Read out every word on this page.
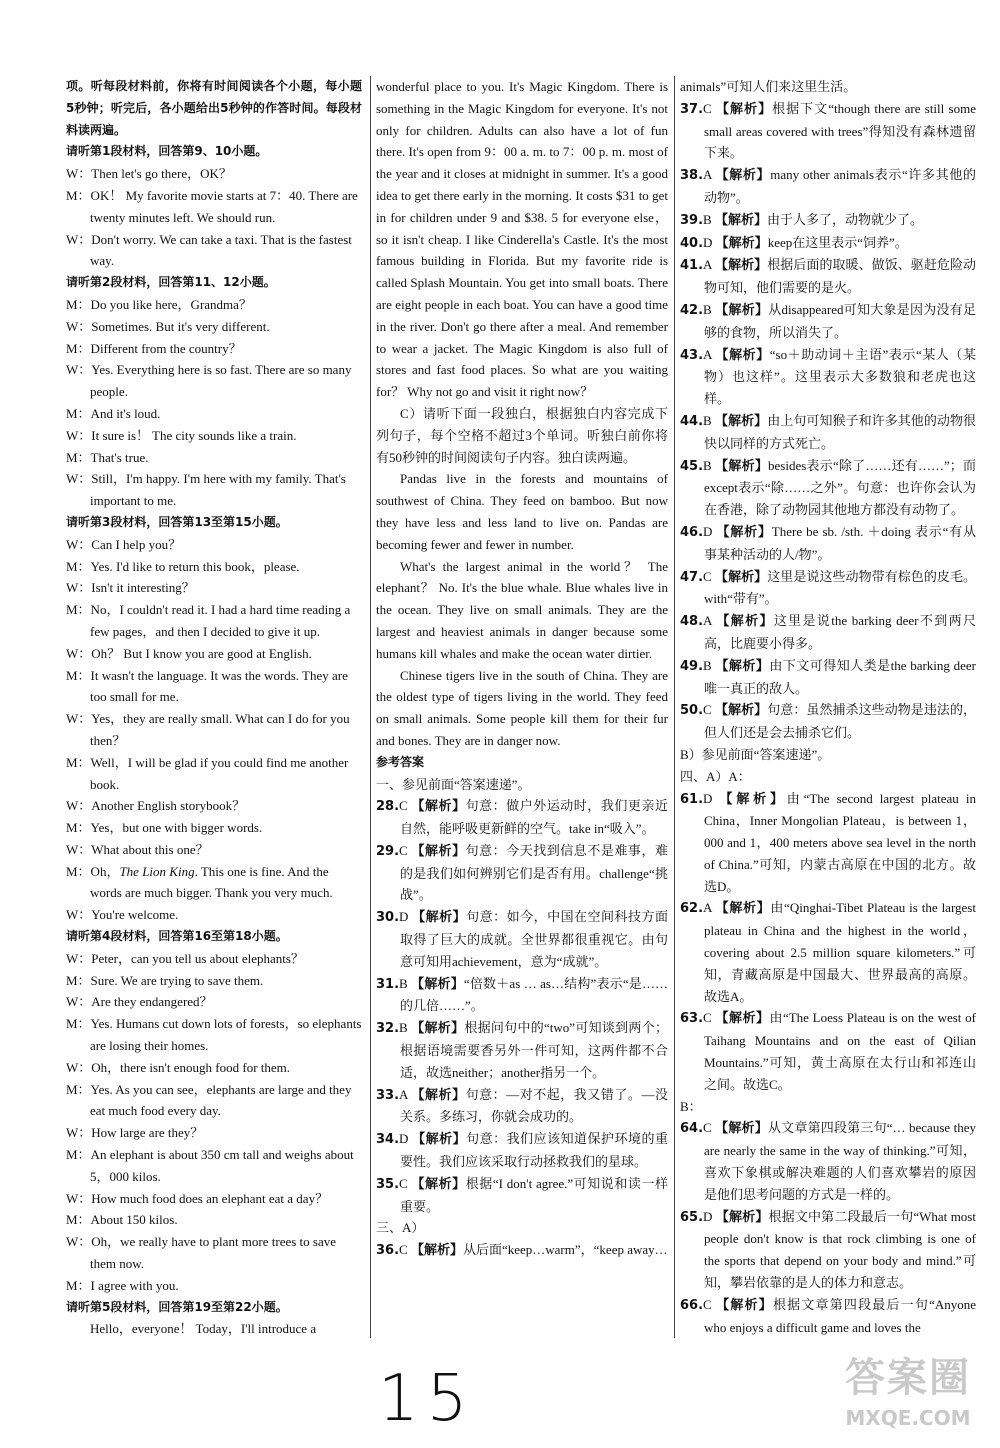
项。听每段材料前，你将有时间阅读各个小题，每小题5秒钟；听完后，各小题给出5秒钟的作答时间。每段材料读两遍。

请听第1段材料，回答第9、10小题。

W：Then let's go there，OK？

M：OK！ My favorite movie starts at 7：40. There are twenty minutes left. We should run.

W：Don't worry. We can take a taxi. That is the fastest way.

请听第2段材料，回答第11、12小题。

M：Do you like here，Grandma？

W：Sometimes. But it's very different.

M：Different from the country？

W：Yes. Everything here is so fast. There are so many people.

M：And it's loud.

W：It sure is！ The city sounds like a train.

M：That's true.

W：Still，I'm happy. I'm here with my family. That's important to me.

请听第3段材料，回答第13至第15小题。

W：Can I help you？

M：Yes. I'd like to return this book，please.

W：Isn't it interesting？

M：No，I couldn't read it. I had a hard time reading a few pages，and then I decided to give it up.

W：Oh？ But I know you are good at English.

M：It wasn't the language. It was the words. They are too small for me.

W：Yes，they are really small. What can I do for you then？

M：Well，I will be glad if you could find me another book.

W：Another English storybook？

M：Yes，but one with bigger words.

W：What about this one？

M：Oh，The Lion King. This one is fine. And the words are much bigger. Thank you very much.

W：You're welcome.

请听第4段材料，回答第16至第18小题。

W：Peter，can you tell us about elephants？

M：Sure. We are trying to save them.

W：Are they endangered？

M：Yes. Humans cut down lots of forests，so elephants are losing their homes.

W：Oh，there isn't enough food for them.

M：Yes. As you can see，elephants are large and they eat much food every day.

W：How large are they？

M：An elephant is about 350 cm tall and weighs about 5，000 kilos.

W：How much food does an elephant eat a day？

M：About 150 kilos.

W：Oh，we really have to plant more trees to save them now.

M：I agree with you.

请听第5段材料，回答第19至第22小题。

Hello，everyone！ Today，I'll introduce a

wonderful place to you. It's Magic Kingdom. There is something in the Magic Kingdom for everyone. It's not only for children. Adults can also have a lot of fun there. It's open from 9：00 a. m. to 7：00 p. m. most of the year and it closes at midnight in summer. It's a good idea to get there early in the morning. It costs $31 to get in for children under 9 and $38. 5 for everyone else，so it isn't cheap. I like Cinderella's Castle. It's the most famous building in Florida. But my favorite ride is called Splash Mountain. You get into small boats. There are eight people in each boat. You can have a good time in the river. Don't go there after a meal. And remember to wear a jacket. The Magic Kingdom is also full of stores and fast food places. So what are you waiting for？ Why not go and visit it right now？

C）请听下面一段独白，根据独白内容完成下列句子，每个空格不超过3个单词。听独白前你将有50秒钟的时间阅读句子内容。独白读两遍。

Pandas live in the forests and mountains of southwest of China. They feed on bamboo. But now they have less and less land to live on. Pandas are becoming fewer and fewer in number.

What's the largest animal in the world？ The elephant？ No. It's the blue whale. Blue whales live in the ocean. They live on small animals. They are the largest and heaviest animals in danger because some humans kill whales and make the ocean water dirtier.

Chinese tigers live in the south of China. They are the oldest type of tigers living in the world. They feed on small animals. Some people kill them for their fur and bones. They are in danger now.

参考答案

一、参见前面“答案速递”。

28.C 【解析】句意：做户外运动时，我们更亲近自然，能呼吸更新鲜的空气。take in“吸入”。

29.C 【解析】句意：今天找到信息不是难事，难的是我们如何辨别它们是否有用。challenge“挑战”。

30.D 【解析】句意：如今，中国在空间科技方面取得了巨大的成就。全世界都很重视它。由句意可知用achievement，意为“成就”。

31.B 【解析】“倍数＋as … as…结构”表示“是……的几倍……”。

32.B 【解析】根据问句中的“two”可知谈到两个；根据语境需要香另外一件可知，这两件都不合适，故选neither；another指另一个。

33.A 【解析】句意：—对不起，我又错了。—没关系。多练习，你就会成功的。

34.D 【解析】句意：我们应该知道保护环境的重要性。我们应该采取行动拯救我们的星球。

35.C 【解析】根据“I don't agree.”可知说和读一样重要。

三、A）

36.C 【解析】从后面“keep…warm”，“keep away…

animals”可知人们来这里生活。

37.C 【解析】根据下文“though there are still some small areas covered with trees”得知没有森林遗留下来。

38.A 【解析】many other animals表示“许多其他的动物”。

39.B 【解析】由于人多了，动物就少了。

40.D 【解析】keep在这里表示“饲养”。

41.A 【解析】根据后面的取暖、做饭、驱赶危险动物可知，他们需要的是火。

42.B 【解析】从disappeared可知大象是因为没有足够的食物，所以消失了。

43.A 【解析】“so＋助动词＋主语”表示“某人（某物）也这样”。这里表示大多数狼和老虎也这样。

44.B 【解析】由上句可知猴子和许多其他的动物很快以同样的方式死亡。

45.B 【解析】besides表示“除了……还有……”；而except表示“除……之外”。句意：也许你会认为在香港，除了动物园其他地方都没有动物了。

46.D 【解析】There be sb. /sth. ＋doing 表示“有从事某种活动的人/物”。

47.C 【解析】这里是说这些动物带有棕色的皮毛。with“带有”。

48.A 【解析】这里是说the barking deer不到两尺高，比鹿要小得多。

49.B 【解析】由下文可得知人类是the barking deer唯一真正的敌人。

50.C 【解析】句意：虽然捕杀这些动物是违法的，但人们还是会去捕杀它们。

B）参见前面“答案速递”。

四、A）A：

61.D 【解析】由“The second largest plateau in China，Inner Mongolian Plateau，is between 1，000 and 1，400 meters above sea level in the north of China.”可知，内蒙古高原在中国的北方。故选D。

62.A 【解析】由“Qinghai-Tibet Plateau is the largest plateau in China and the highest in the world，covering about 2.5 million square kilometers.”可知，青藏高原是中国最大、世界最高的高原。故选A。

63.C 【解析】由“The Loess Plateau is on the west of Taihang Mountains and on the east of Qilian Mountains.”可知，黄土高原在太行山和祁连山之间。故选C。

B：

64.C 【解析】从文章第四段第三句“… because they are nearly the same in the way of thinking.”可知，喜欢下象棋或解决难题的人们喜欢攀岩的原因是他们思考问题的方式是一样的。

65.D 【解析】根据文中第二段最后一句“What most people don't know is that rock climbing is one of the sports that depend on your body and mind.”可知，攀岩依靠的是人的体力和意志。

66.C 【解析】根据文章第四段最后一句“Anyone who enjoys a difficult game and loves the

15	答案圈
MXQE.COM
